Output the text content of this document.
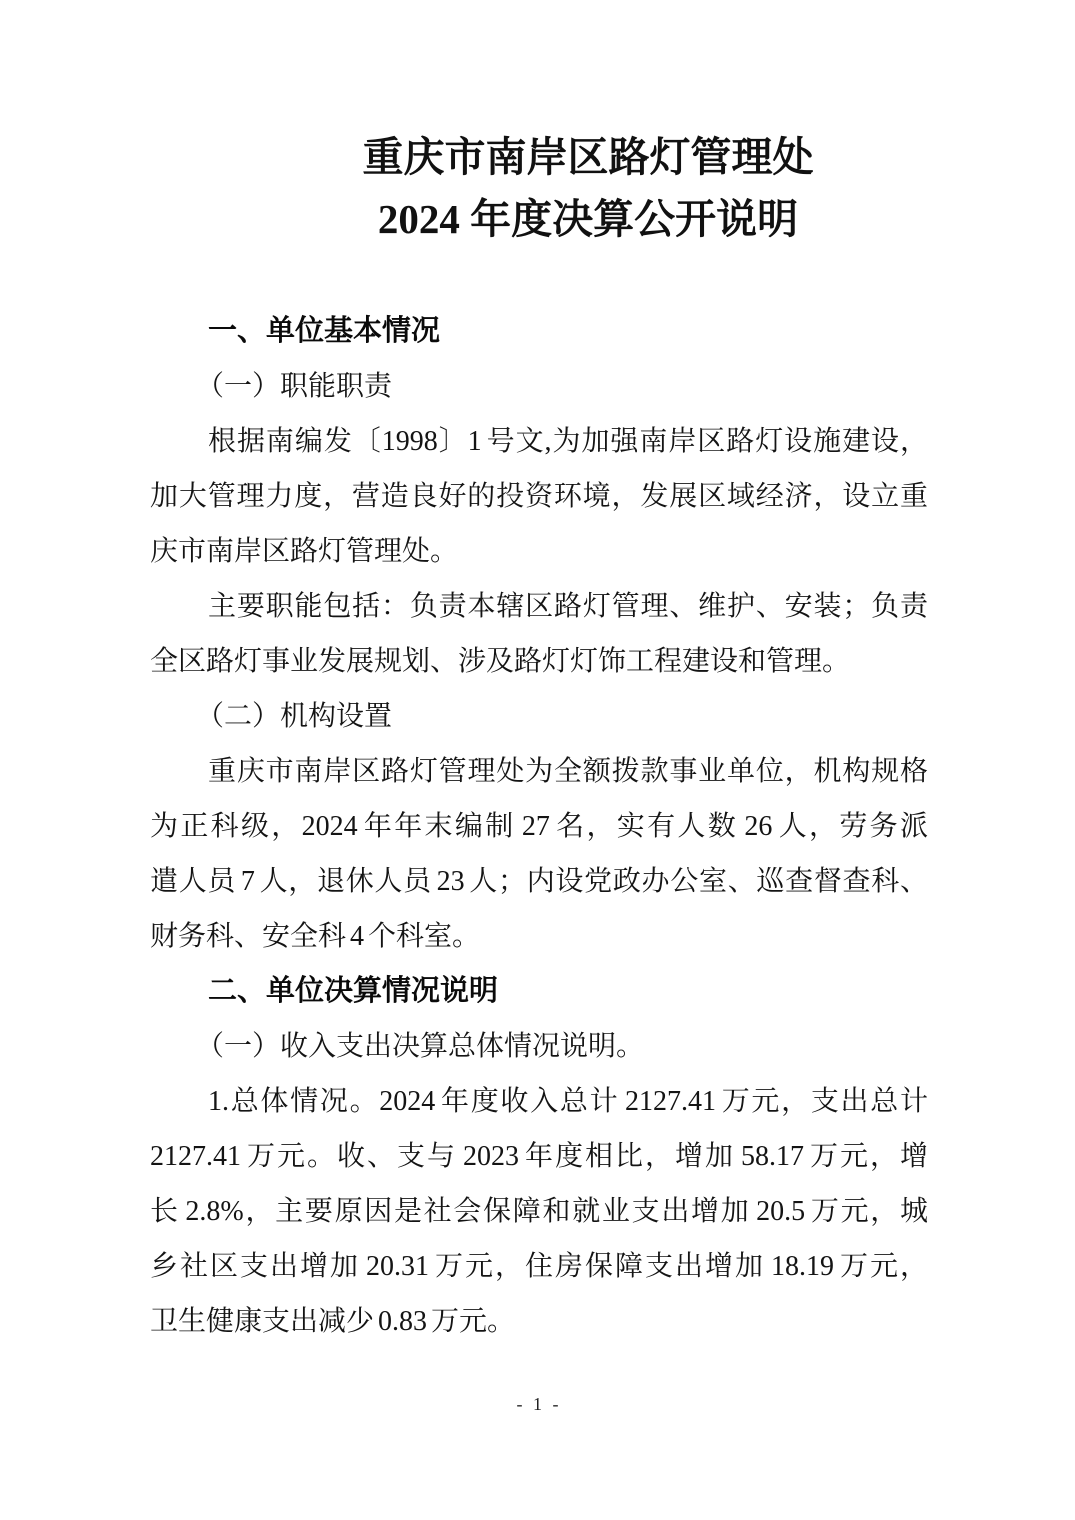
重庆市南岸区路灯管理处
2024 年度决算公开说明
一、单位基本情况
（一）职能职责
根据南编发〔1998〕1 号文,为加强南岸区路灯设施建设，
加大管理力度，营造良好的投资环境，发展区域经济，设立重
庆市南岸区路灯管理处。
主要职能包括：负责本辖区路灯管理、维护、安装；负责
全区路灯事业发展规划、涉及路灯灯饰工程建设和管理。
（二）机构设置
重庆市南岸区路灯管理处为全额拨款事业单位，机构规格
为正科级，2024 年年末编制 27 名，实有人数 26 人，劳务派
遣人员 7 人，退休人员 23 人；内设党政办公室、巡查督查科、
财务科、安全科 4 个科室。
二、单位决算情况说明
（一）收入支出决算总体情况说明。
1.总体情况。2024 年度收入总计 2127.41 万元，支出总计
2127.41 万元。收、支与 2023 年度相比，增加 58.17 万元，增
长 2.8%，主要原因是社会保障和就业支出增加 20.5 万元，城
乡社区支出增加 20.31 万元，住房保障支出增加 18.19 万元，
卫生健康支出减少 0.83 万元。
- 1 -
